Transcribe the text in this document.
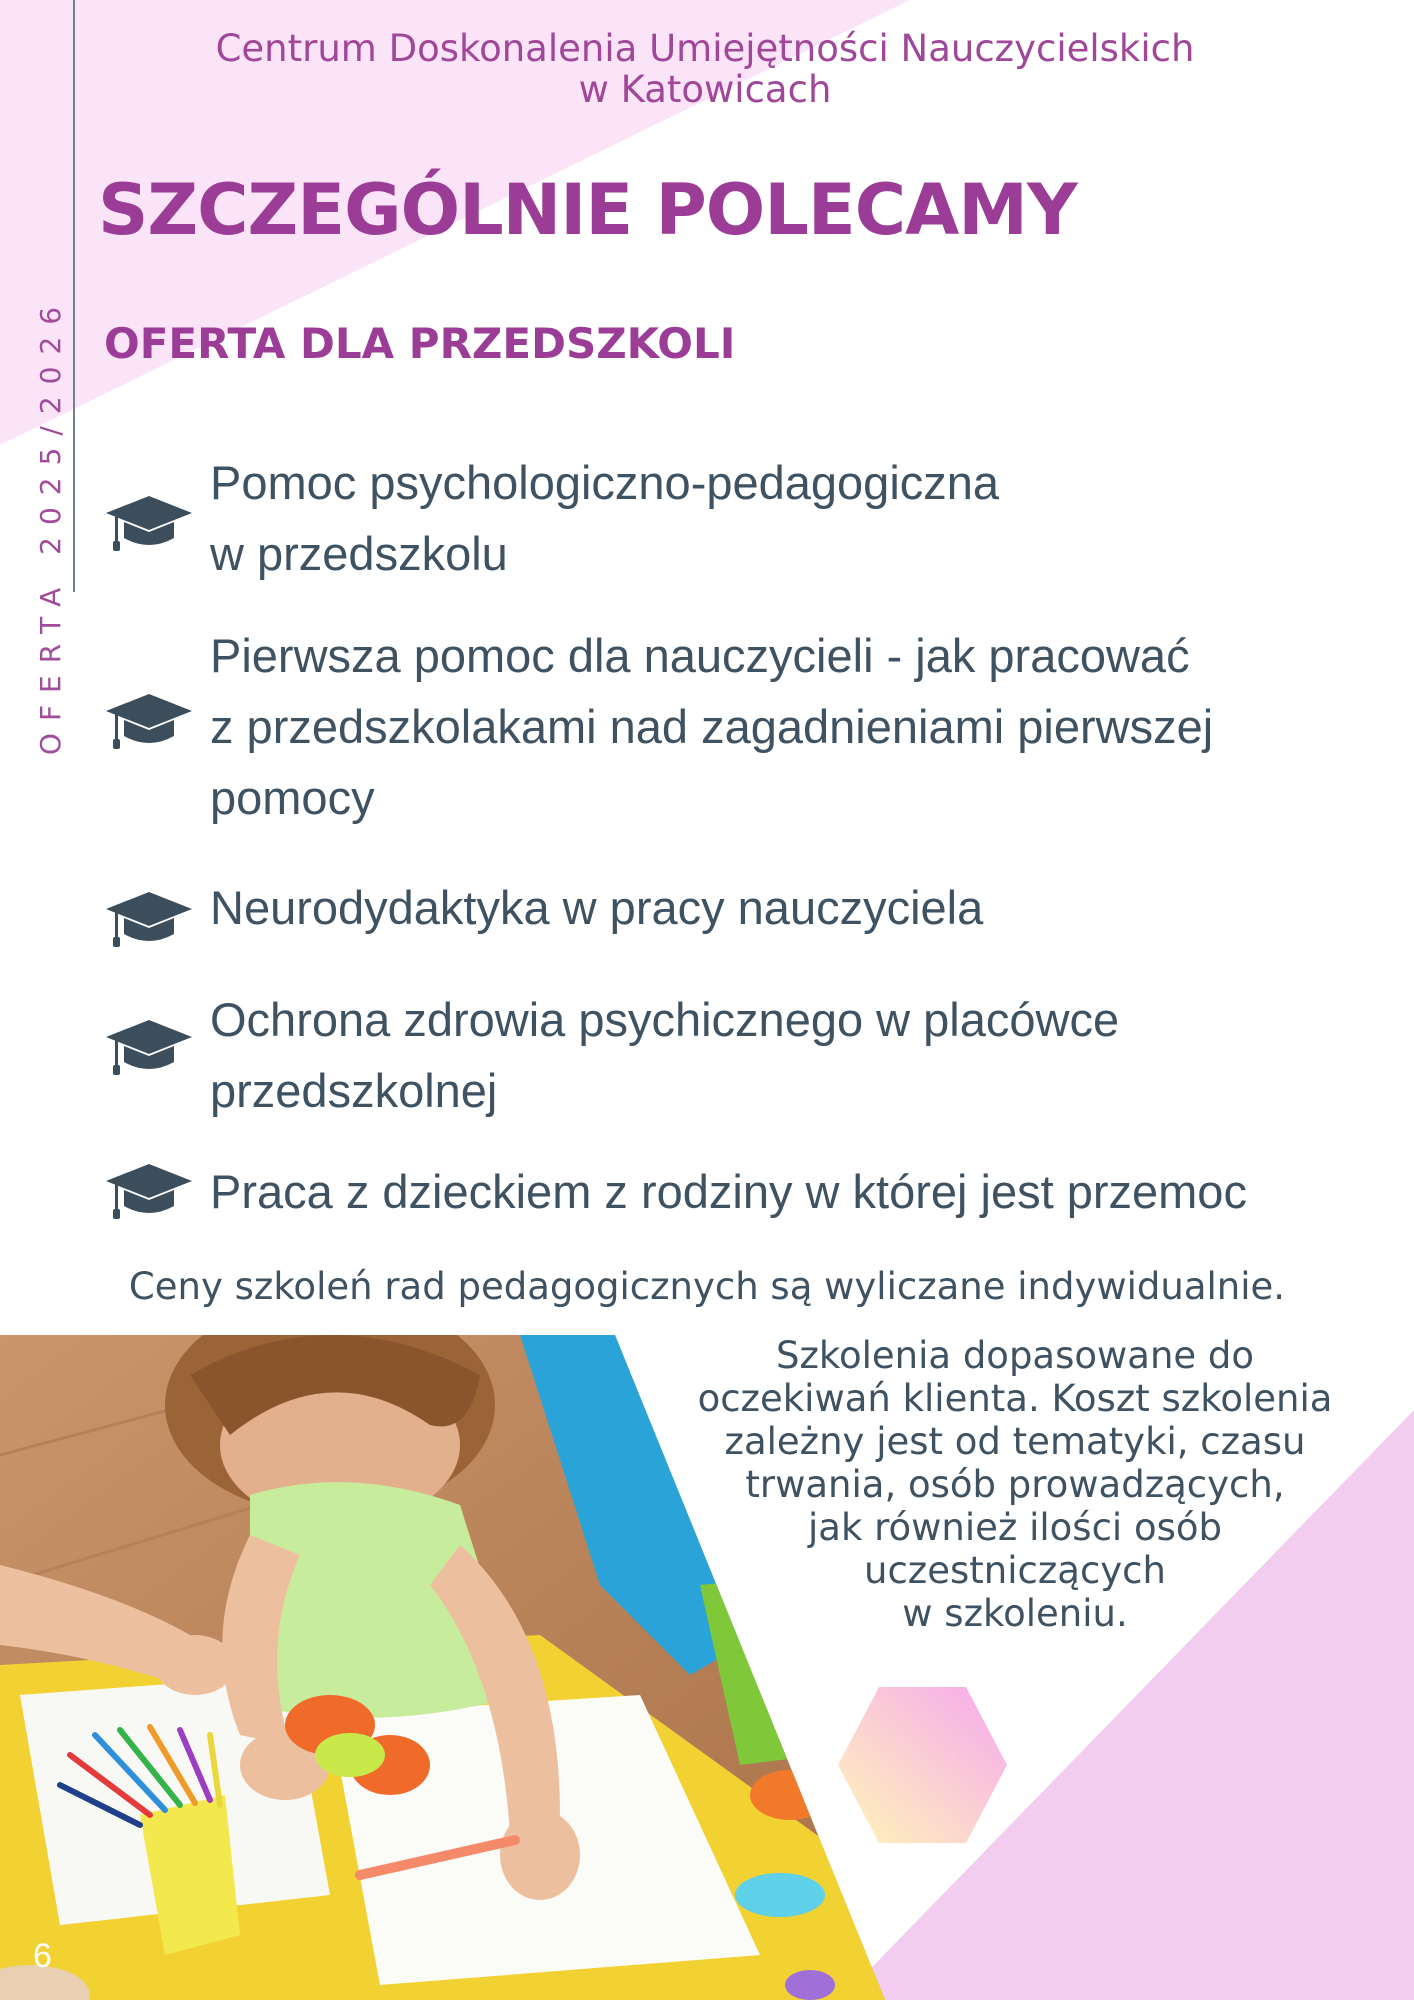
OFERTA 2025/2026
Centrum Doskonalenia Umiejętności Nauczycielskich
w Katowicach
SZCZEGÓLNIE POLECAMY
OFERTA DLA PRZEDSZKOLI

Pomoc psychologiczno-pedagogiczna
w przedszkolu

Pierwsza pomoc dla nauczycieli - jak pracować
z przedszkolakami nad zagadnieniami pierwszej
pomocy

Neurodydaktyka w pracy nauczyciela

Ochrona zdrowia psychicznego w placówce
przedszkolnej

Praca z dzieckiem z rodziny w której jest przemoc

Ceny szkoleń rad pedagogicznych są wyliczane indywidualnie.
Szkolenia dopasowane do
oczekiwań klienta. Koszt szkolenia
zależny jest od tematyki, czasu
trwania, osób prowadzących,
jak również ilości osób
uczestniczących
w szkoleniu.
6
